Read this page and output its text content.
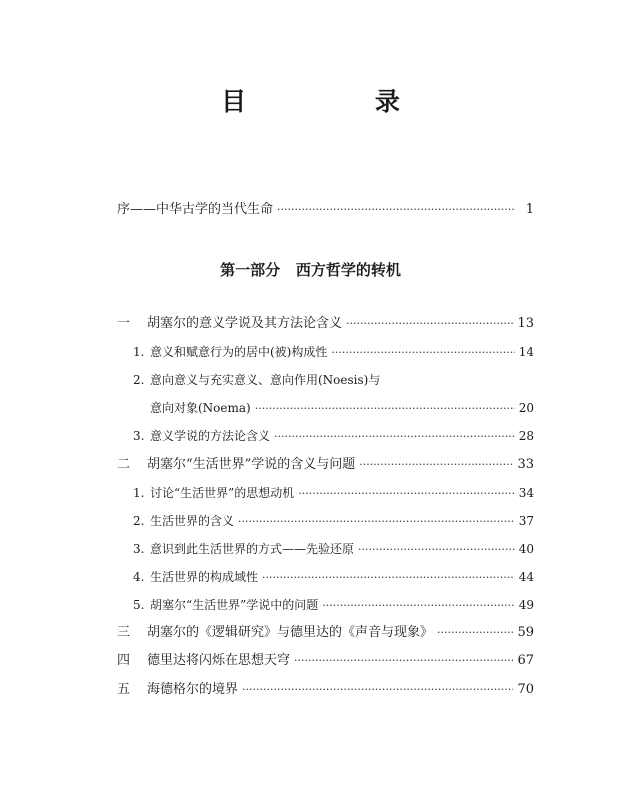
目 录
序——中华古学的当代生命 ·····	1
第一部分   西方哲学的转机
一	胡塞尔的意义学说及其方法论含义 ·····	13
1. 意义和赋意行为的居中(被)构成性 ·····	14
2. 意向意义与充实意义、意向作用(Noesis)与
意向对象(Noema) ·····	20
3. 意义学说的方法论含义 ·····	28
二	胡塞尔“生活世界”学说的含义与问题 ·····	33
1. 讨论“生活世界”的思想动机 ·····	34
2. 生活世界的含义 ·····	37
3. 意识到此生活世界的方式——先验还原 ·····	40
4. 生活世界的构成域性 ·····	44
5. 胡塞尔“生活世界”学说中的问题 ·····	49
三	胡塞尔的《逻辑研究》与德里达的《声音与现象》 ·····	59
四	德里达将闪烁在思想天穹 ·····	67
五	海德格尔的境界 ·····	70
